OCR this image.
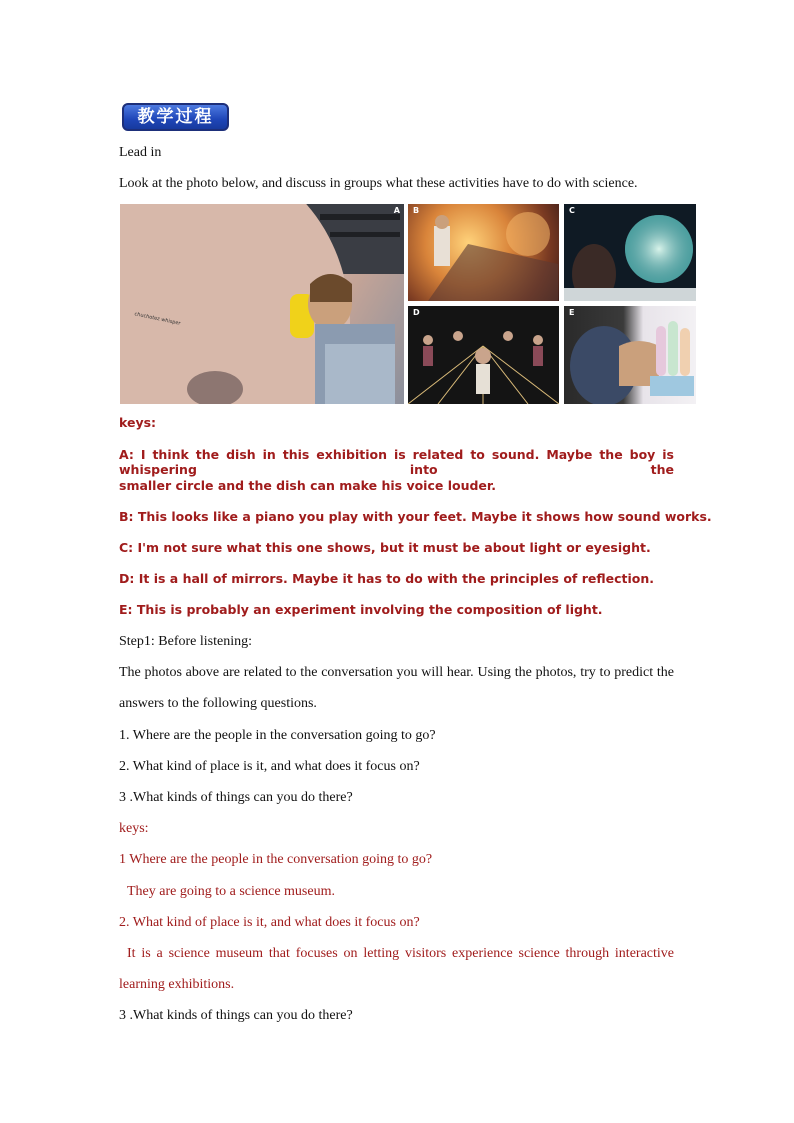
教学过程
Lead in
Look at the photo below, and discuss in groups what these activities have to do with science.
chuchotez whisper
A B	C
D	E
keys:
A: I think the dish in this exhibition is related to sound. Maybe the boy is whispering into the
smaller circle and the dish can make his voice louder.
B: This looks like a piano you play with your feet. Maybe it shows how sound works.
C: I'm not sure what this one shows, but it must be about light or eyesight.
D: It is a hall of mirrors. Maybe it has to do with the principles of reflection.
E: This is probably an experiment involving the composition of light.
Step1: Before listening:
The photos above are related to the conversation you will hear. Using the photos, try to predict the
answers to the following questions.
1. Where are the people in the conversation going to go?
2. What kind of place is it, and what does it focus on?
3 .What kinds of things can you do there?
keys:
1 Where are the people in the conversation going to go?
They are going to a science museum.
2. What kind of place is it, and what does it focus on?
It is a science museum that focuses on letting visitors experience science through interactive
learning exhibitions.
3 .What kinds of things can you do there?
